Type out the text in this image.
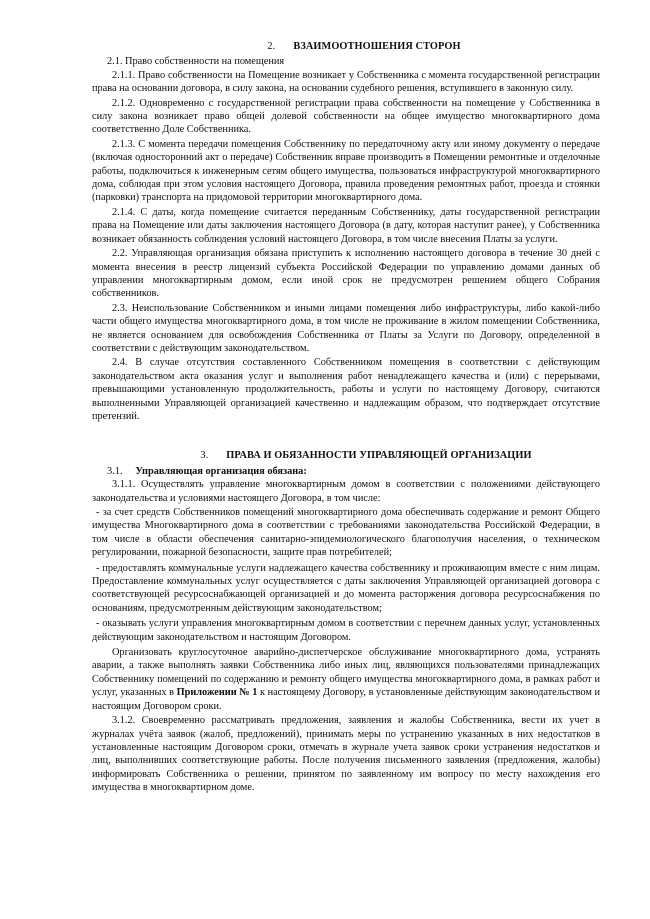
2. ВЗАИМООТНОШЕНИЯ СТОРОН

2.1. Право собственности на помещения

2.1.1. Право собственности на Помещение возникает у Собственника с момента государственной регистрации права на основании договора, в силу закона, на основании судебного решения, вступившего в законную силу.

2.1.2. Одновременно с государственной регистрации права собственности на помещение у Собственника в силу закона возникает право общей долевой собственности на общее имущество многоквартирного дома соответственно Доле Собственника.

2.1.3. С момента передачи помещения Собственнику по передаточному акту или иному документу о передаче (включая односторонний акт о передаче) Собственник вправе производить в Помещении ремонтные и отделочные работы, подключиться к инженерным сетям общего имущества, пользоваться инфраструктурой многоквартирного дома, соблюдая при этом условия настоящего Договора, правила проведения ремонтных работ, проезда и стоянки (парковки) транспорта на придомовой территории многоквартирного дома.

2.1.4. С даты, когда помещение считается переданным Собственнику, даты государственной регистрации права на Помещение или даты заключения настоящего Договора (в дату, которая наступит ранее), у Собственника возникает обязанность соблюдения условий настоящего Договора, в том числе внесения Платы за услуги.

2.2. Управляющая организация обязана приступить к исполнению настоящего договора в течение 30 дней с момента внесения в реестр лицензий субъекта Российской Федерации по управлению домами данных об управлении многоквартирным домом, если иной срок не предусмотрен решением общего Собрания собственников.

2.3. Неиспользование Собственником и иными лицами помещения либо инфраструктуры, либо какой-либо части общего имущества многоквартирного дома, в том числе не проживание в жилом помещении Собственника, не является основанием для освобождения Собственника от Платы за Услуги по Договору, определенной в соответствии с действующим законодательством.

2.4. В случае отсутствия составленного Собственником помещения в соответствии с действующим законодательством акта оказания услуг и выполнения работ ненадлежащего качества и (или) с перерывами, превышающими установленную продолжительность, работы и услуги по настоящему Договору, считаются выполненными Управляющей организацией качественно и надлежащим образом, что подтверждает отсутствие претензий.

3. ПРАВА И ОБЯЗАННОСТИ УПРАВЛЯЮЩЕЙ ОРГАНИЗАЦИИ

3.1. Управляющая организация обязана:

3.1.1. Осуществлять управление многоквартирным домом в соответствии с положениями действующего законодательства и условиями настоящего Договора, в том числе:

- за счет средств Собственников помещений многоквартирного дома обеспечивать содержание и ремонт Общего имущества Многоквартирного дома в соответствии с требованиями законодательства Российской Федерации, в том числе в области обеспечения санитарно-эпидемиологического благополучия населения, о техническом регулировании, пожарной безопасности, защите прав потребителей;

- предоставлять коммунальные услуги надлежащего качества собственнику и проживающим вместе с ним лицам. Предоставление коммунальных услуг осуществляется с даты заключения Управляющей организацией договора с соответствующей ресурсоснабжающей организацией и до момента расторжения договора ресурсоснабжения по основаниям, предусмотренным действующим законодательством;

- оказывать услуги управления многоквартирным домом в соответствии с перечнем данных услуг, установленных действующим законодательством и настоящим Договором.

Организовать круглосуточное аварийно-диспетчерское обслуживание многоквартирного дома, устранять аварии, а также выполнять заявки Собственника либо иных лиц, являющихся пользователями принадлежащих Собственнику помещений по содержанию и ремонту общего имущества многоквартирного дома, в рамках работ и услуг, указанных в Приложении № 1 к настоящему Договору, в установленные действующим законодательством и настоящим Договором сроки.

3.1.2. Своевременно рассматривать предложения, заявления и жалобы Собственника, вести их учет в журналах учёта заявок (жалоб, предложений), принимать меры по устранению указанных в них недостатков в установленные настоящим Договором сроки, отмечать в журнале учета заявок сроки устранения недостатков и лиц, выполнивших соответствующие работы. После получения письменного заявления (предложения, жалобы) информировать Собственника о решении, принятом по заявленному им вопросу по месту нахождения его имущества в многоквартирном доме.
